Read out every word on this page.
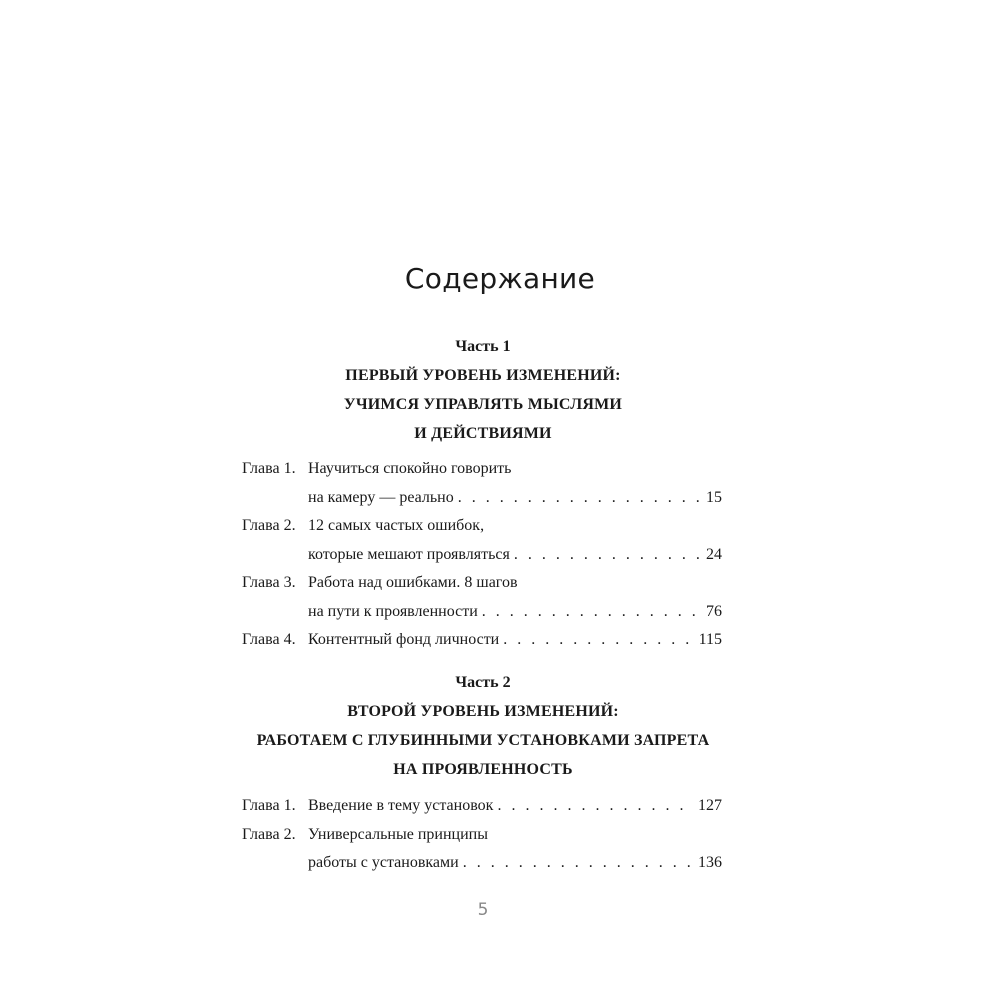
Содержание
Часть 1
ПЕРВЫЙ УРОВЕНЬ ИЗМЕНЕНИЙ:
УЧИМСЯ УПРАВЛЯТЬ МЫСЛЯМИ
И ДЕЙСТВИЯМИ
Глава 1. Научиться спокойно говорить
на камеру — реально . . .	15
Глава 2. 12 самых частых ошибок,
которые мешают проявляться . . .	24
Глава 3. Работа над ошибками. 8 шагов
на пути к проявленности . . .	76
Глава 4. Контентный фонд личности . . .	115
Часть 2
ВТОРОЙ УРОВЕНЬ ИЗМЕНЕНИЙ:
РАБОТАЕМ С ГЛУБИННЫМИ УСТАНОВКАМИ ЗАПРЕТА
НА ПРОЯВЛЕННОСТЬ
Глава 1. Введение в тему установок . . .	127
Глава 2. Универсальные принципы
работы с установками . . .	136
5
